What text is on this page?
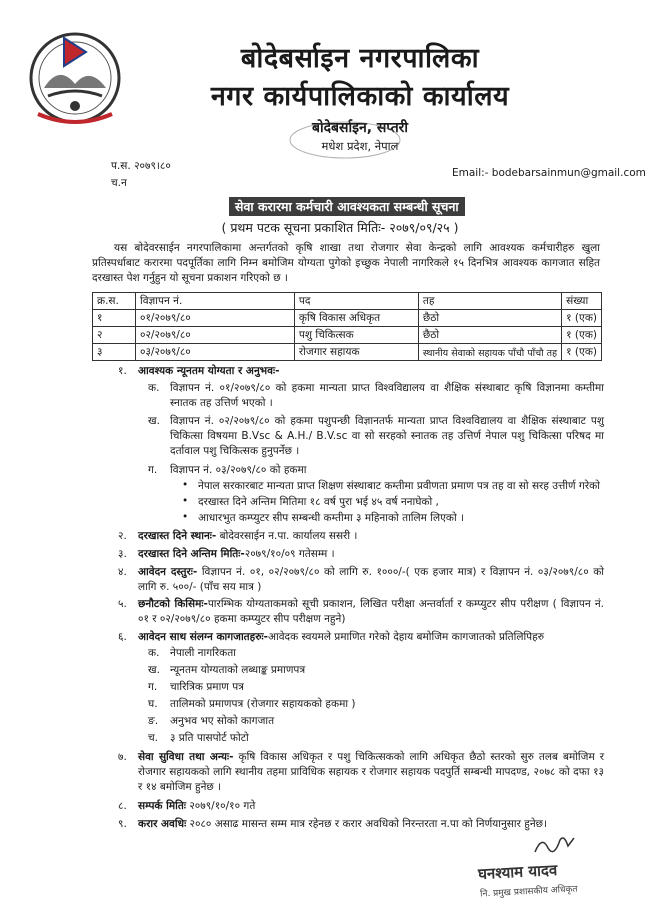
बोदेबर्साइन नगरपालिका
नगर कार्यपालिकाको कार्यालय
बोदेबर्साइन, सप्तरी
मधेश प्रदेश, नेपाल
प.स. २०७९।८०
च.न
Email:- bodebarsainmun@gmail.com
सेवा करारमा कर्मचारी आवश्यकता सम्बन्धी सूचना
( प्रथम पटक सूचना प्रकाशित मितिः- २०७९/०९/२५ )
यस बोदेवरसाईन नगरपालिकामा अन्तर्गतको कृषि शाखा तथा रोजगार सेवा केन्द्रको लागि आवश्यक कर्मचारीहरु खुला प्रतिस्पर्धाबाट करारमा पदपूर्तिका लागि निम्न बमोजिम योग्यता पुगेको इच्छुक नेपाली नागरिकले १५ दिनभित्र आवश्यक कागजात सहित दरखास्त पेश गर्नुहुन यो सूचना प्रकाशन गरिएको छ ।
क्र.स.	विज्ञापन नं.	पद	तह	संख्या
१	०१/२०७९/८०	कृषि विकास अधिकृत	छैठो	१ (एक)
२	०२/२०७९/८०	पशु चिकित्सक	छैठो	१ (एक)
३	०३/२०७९/८०	रोजगार सहायक	स्थानीय सेवाको सहायक पाँचौ पाँचौ तह	१ (एक)
१. आवश्यक न्यूनतम योग्यता र अनुभवः-
क. विज्ञापन नं. ०१/२०७९/८० को हकमा मान्यता प्राप्त विश्वविद्यालय वा शैक्षिक संस्थाबाट कृषि विज्ञानमा कम्तीमा स्नातक तह उत्तिर्ण भएको ।
ख. विज्ञापन नं. ०२/२०७९/८० को हकमा पशुपन्छी विज्ञानतर्फ मान्यता प्राप्त विश्वविद्यालय वा शैक्षिक संस्थाबाट पशु चिकित्सा विषयमा B.Vsc & A.H./ B.V.sc वा सो सरहको स्नातक तह उत्तिर्ण नेपाल पशु चिकित्सा परिषद मा दर्तावाल पशु चिकित्सक हुनुपर्नेछ ।
ग. विज्ञापन नं. ०३/२०७९/८० को हकमा
• नेपाल सरकारबाट मान्यता प्राप्त शिक्षण संस्थाबाट कम्तीमा प्रवीणता प्रमाण पत्र तह वा सो सरह उत्तीर्ण गरेको
• दरखास्त दिने अन्तिम मितिमा १८ वर्ष पुरा भई ४५ वर्ष ननाघेको ,
• आधारभुत कम्प्युटर सीप सम्बन्धी कम्तीमा ३ महिनाको तालिम लिएको ।
२. दरखास्त दिने स्थानः- बोदेवरसाईन न.पा. कार्यालय ससरी ।
३. दरखास्त दिने अन्तिम मितिः-२०७९/१०/०९ गतेसम्म ।
४. आवेदन दस्तुरः- विज्ञापन नं. ०१, ०२/२०७९/८० को लागि रु. १०००/-( एक हजार मात्र) र विज्ञापन नं. ०३/२०७९/८० को लागि रु. ५००/- (पाँच सय मात्र )
५. छनौटको किसिमः-पारम्भिक योग्यताकमको सूची प्रकाशन, लिखित परीक्षा अन्तर्वार्ता र कम्प्युटर सीप परीक्षण ( विज्ञापन नं. ०१ र ०२/२०७९/८० हकमा कम्प्युटर सीप परीक्षण नहुने)
६. आवेदन साथ संलग्न कागजातहरुः-आवेदक स्वयमले प्रमाणित गरेको देहाय बमोजिम कागजातको प्रतिलिपिहरु
क. नेपाली नागरिकता
ख. न्यूनतम योग्यताको लब्धाङ्क प्रमाणपत्र
ग. चारित्रिक प्रमाण पत्र
घ. तालिमको प्रमाणपत्र (रोजगार सहायकको हकमा )
ङ. अनुभव भए सोको कागजात
च. ३ प्रति पासपोर्ट फोटो
७. सेवा सुविधा तथा अन्यः- कृषि विकास अधिकृत र पशु चिकित्सकको लागि अधिकृत छैठो स्तरको सुरु तलब बमोजिम र रोजगार सहायकको लागि स्थानीय तहमा प्राविधिक सहायक र रोजगार सहायक पदपुर्ति सम्बन्धी मापदण्ड, २०७८ को दफा १३ र १४ बमोजिम हुनेछ ।
८. सम्पर्क मितिः २०७९/१०/१० गते
९. करार अवधिः २०८० असाढ मासन्त सम्म मात्र रहेनछ र करार अवधिको निरन्तरता न.पा को निर्णयानुसार हुनेछ।
घनश्याम यादव
नि. प्रमुख प्रशासकीय अधिकृत
